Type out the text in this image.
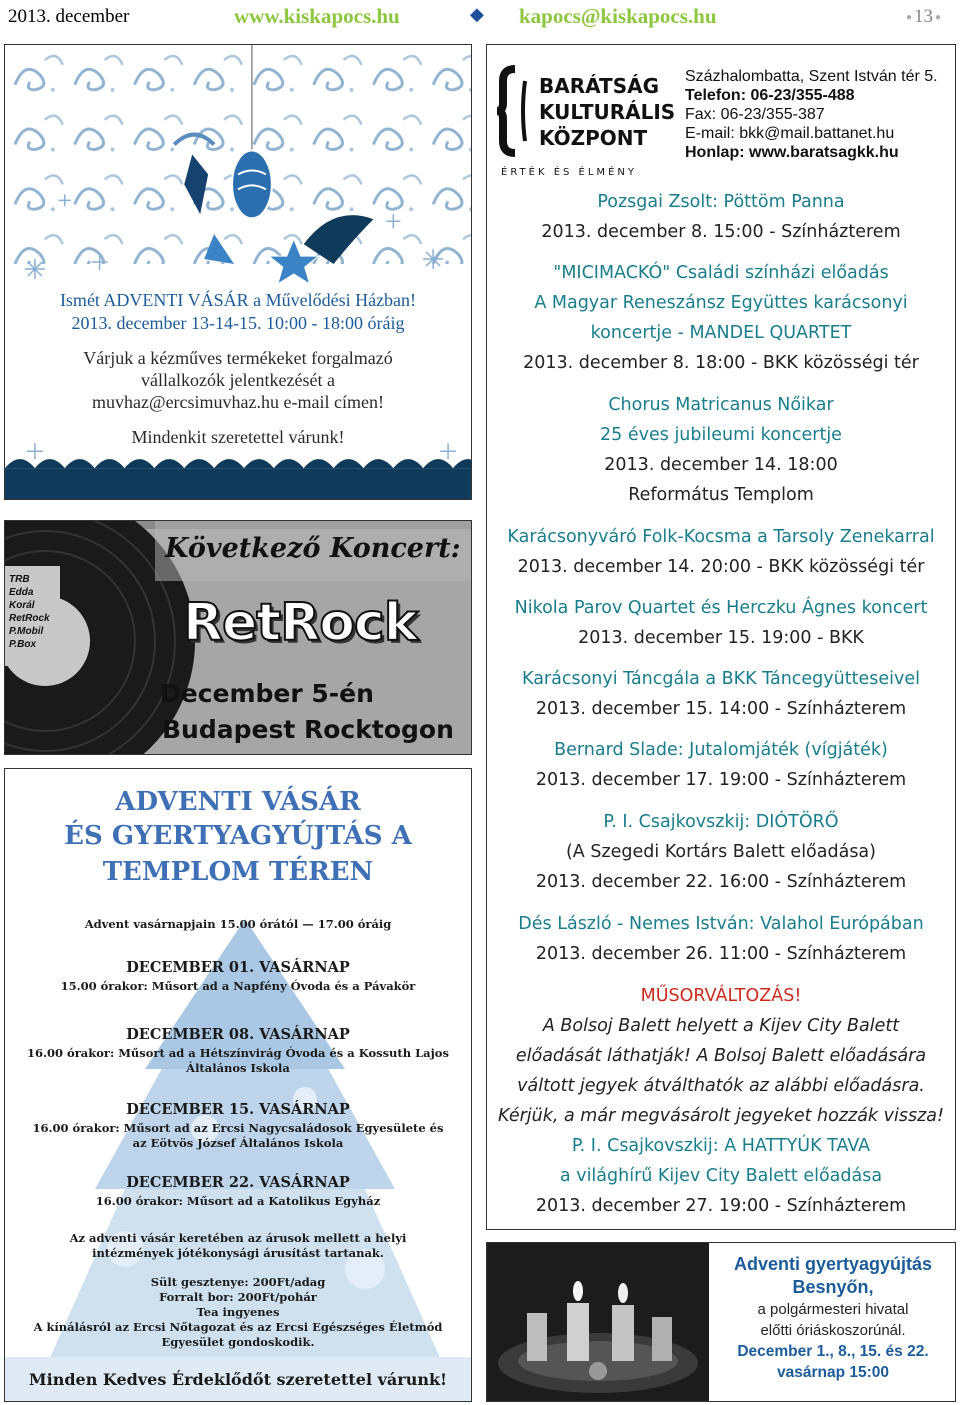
2013. december	www.kiskapocs.hu	◆ kapocs@kiskapocs.hu	● 13 ●
Ismét ADVENTI VÁSÁR a Művelődési Házban!
2013. december 13-14-15. 10:00 - 18:00 óráig
Várjuk a kézműves termékeket forgalmazó
vállalkozók jelentkezését a
muvhaz@ercsimuvhaz.hu e-mail címen!
Mindenkit szeretettel várunk!
TRB
Edda
Korál
RetRock
P.Mobil
P.Box
Következő Koncert:
RetRock
December 5-én
Budapest Rocktogon
ADVENTI VÁSÁR
ÉS GYERTYAGYÚJTÁS A
TEMPLOM TÉREN
Advent vasárnapjain 15.00 órától — 17.00 óráig
DECEMBER 01. VASÁRNAP
15.00 órakor: Műsort ad a Napfény Óvoda és a Pávakör
DECEMBER 08. VASÁRNAP
16.00 órakor: Műsort ad a Hétszínvirág Óvoda és a Kossuth Lajos
Általános Iskola
DECEMBER 15. VASÁRNAP
16.00 órakor: Műsort ad az Ercsi Nagycsaládosok Egyesülete és
az Eötvös József Általános Iskola
DECEMBER 22. VASÁRNAP
16.00 órakor: Műsort ad a Katolikus Egyház
Az adventi vásár keretében az árusok mellett a helyi
intézmények jótékonysági árusítást tartanak.
Sült gesztenye: 200Ft/adag
Forralt bor: 200Ft/pohár
Tea ingyenes
A kínálásról az Ercsi Nőtagozat és az Ercsi Egészséges Életmód
Egyesület gondoskodik.
Minden Kedves Érdeklődőt szeretettel várunk!
BARÁTSÁG
KULTURÁLIS
KÖZPONT
ÉRTÉK ÉS ÉLMÉNY
Százhalombatta, Szent István tér 5.
Telefon: 06-23/355-488
Fax: 06-23/355-387
E-mail: bkk@mail.battanet.hu
Honlap: www.baratsagkk.hu
Pozsgai Zsolt: Pöttöm Panna
2013. december 8. 15:00 - Színházterem
"MICIMACKÓ" Családi színházi előadás
A Magyar Reneszánsz Együttes karácsonyi
koncertje - MANDEL QUARTET
2013. december 8. 18:00 - BKK közösségi tér
Chorus Matricanus Nőikar
25 éves jubileumi koncertje
2013. december 14. 18:00
Református Templom
Karácsonyváró Folk-Kocsma a Tarsoly Zenekarral
2013. december 14. 20:00 - BKK közösségi tér
Nikola Parov Quartet és Herczku Ágnes koncert
2013. december 15. 19:00 - BKK
Karácsonyi Táncgála a BKK Táncegyütteseivel
2013. december 15. 14:00 - Színházterem
Bernard Slade: Jutalomjáték (vígjáték)
2013. december 17. 19:00 - Színházterem
P. I. Csajkovszkij: DIÓTÖRŐ
(A Szegedi Kortárs Balett előadása)
2013. december 22. 16:00 - Színházterem
Dés László - Nemes István: Valahol Európában
2013. december 26. 11:00 - Színházterem
MŰSORVÁLTOZÁS!
A Bolsoj Balett helyett a Kijev City Balett
előadását láthatják! A Bolsoj Balett előadására
váltott jegyek átválthatók az alábbi előadásra.
Kérjük, a már megvásárolt jegyeket hozzák vissza!
P. I. Csajkovszkij: A HATTYÚK TAVA
a világhírű Kijev City Balett előadása
2013. december 27. 19:00 - Színházterem
Adventi gyertyagyújtás
Besnyőn,
a polgármesteri hivatal
előtti óriáskoszorúnál.
December 1., 8., 15. és 22.
vasárnap 15:00
